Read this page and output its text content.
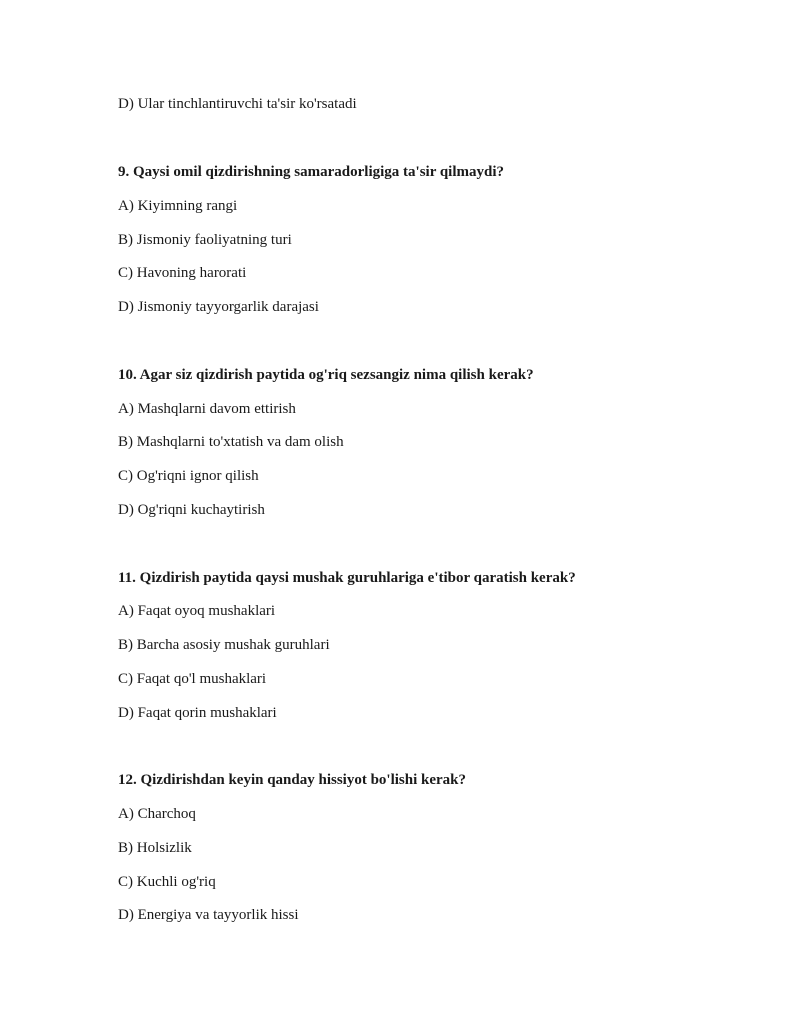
D) Ular tinchlantiruvchi ta'sir ko'rsatadi
9. Qaysi omil qizdirishning samaradorligiga ta'sir qilmaydi?
A) Kiyimning rangi
B) Jismoniy faoliyatning turi
C) Havoning harorati
D) Jismoniy tayyorgarlik darajasi
10. Agar siz qizdirish paytida og'riq sezsangiz nima qilish kerak?
A) Mashqlarni davom ettirish
B) Mashqlarni to'xtatish va dam olish
C) Og'riqni ignor qilish
D) Og'riqni kuchaytirish
11. Qizdirish paytida qaysi mushak guruhlariga e'tibor qaratish kerak?
A) Faqat oyoq mushaklari
B) Barcha asosiy mushak guruhlari
C) Faqat qo'l mushaklari
D) Faqat qorin mushaklari
12. Qizdirishdan keyin qanday hissiyot bo'lishi kerak?
A) Charchoq
B) Holsizlik
C) Kuchli og'riq
D) Energiya va tayyorlik hissi
